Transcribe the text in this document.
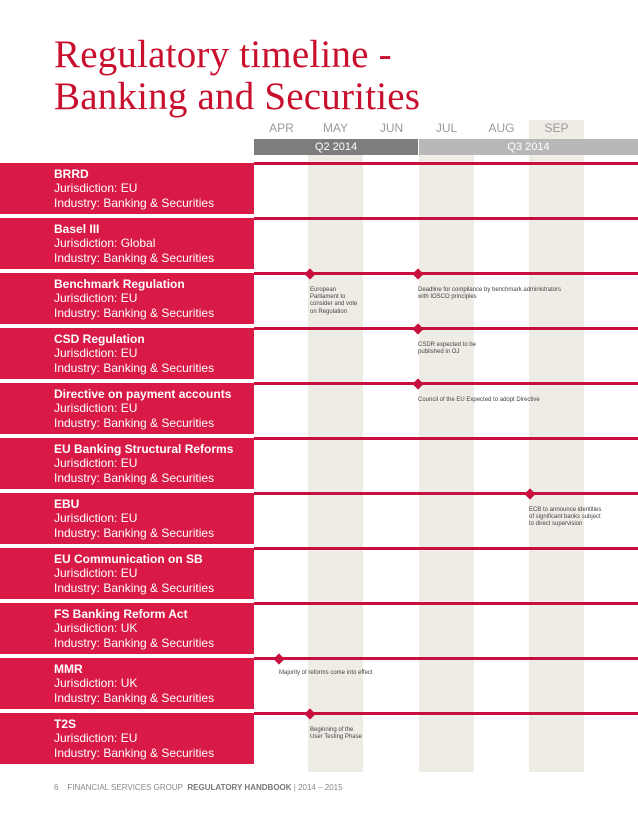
Regulatory timeline -
Banking and Securities
APR	MAY	JUN	JUL	AUG	SEP
Q2 2014	Q3 2014
BRRD
Jurisdiction: EU
Industry: Banking & Securities
Basel III
Jurisdiction: Global
Industry: Banking & Securities
Benchmark Regulation
Jurisdiction: EU
Industry: Banking & Securities
CSD Regulation
Jurisdiction: EU
Industry: Banking & Securities
Directive on payment accounts
Jurisdiction: EU
Industry: Banking & Securities
EU Banking Structural Reforms
Jurisdiction: EU
Industry: Banking & Securities
EBU
Jurisdiction: EU
Industry: Banking & Securities
EU Communication on SB
Jurisdiction: EU
Industry: Banking & Securities
FS Banking Reform Act
Jurisdiction: UK
Industry: Banking & Securities
MMR
Jurisdiction: UK
Industry: Banking & Securities
T2S
Jurisdiction: EU
Industry: Banking & Securities
European
Parliament to
consider and vote
on Regulation
Deadline for compliance by benchmark administrators
with IOSCO principles
CSDR expected to be
published in OJ
Council of the EU Expected to adopt Directive
ECB to announce identities
of significant banks subject
to direct supervision
Majority of reforms come into effect
Beginning of the
User Testing Phase
6 FINANCIAL SERVICES GROUP REGULATORY HANDBOOK | 2014 – 2015
